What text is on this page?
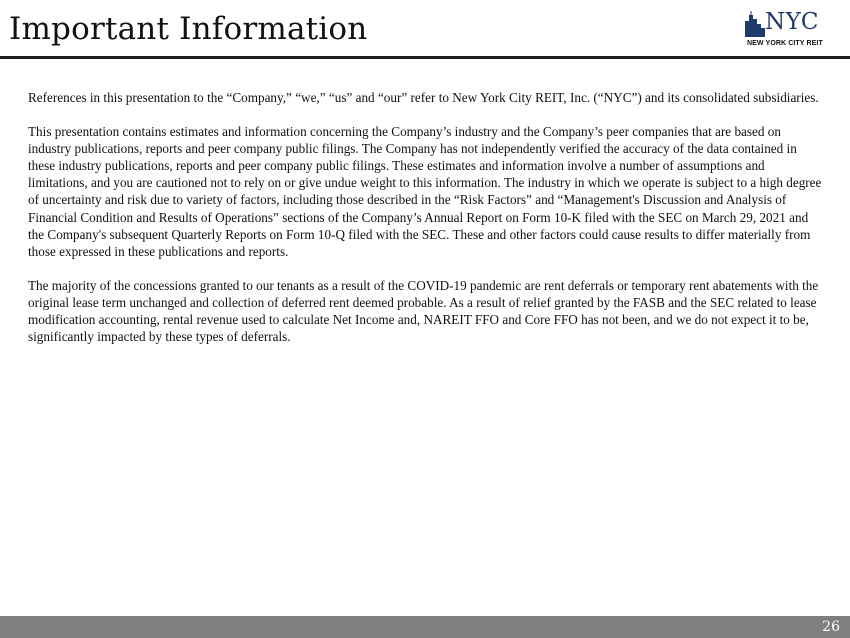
Important Information	NYC
NEW YORK CITY REIT

References in this presentation to the “Company,” “we,” “us” and “our” refer to New York City REIT, Inc. (“NYC”) and its consolidated subsidiaries.

This presentation contains estimates and information concerning the Company’s industry and the Company’s peer companies that are based on industry publications, reports and peer company public filings. The Company has not independently verified the accuracy of the data contained in these industry publications, reports and peer company public filings. These estimates and information involve a number of assumptions and limitations, and you are cautioned not to rely on or give undue weight to this information. The industry in which we operate is subject to a high degree of uncertainty and risk due to variety of factors, including those described in the “Risk Factors” and “Management's Discussion and Analysis of Financial Condition and Results of Operations” sections of the Company’s Annual Report on Form 10-K filed with the SEC on March 29, 2021 and the Company's subsequent Quarterly Reports on Form 10-Q filed with the SEC. These and other factors could cause results to differ materially from those expressed in these publications and reports.

The majority of the concessions granted to our tenants as a result of the COVID-19 pandemic are rent deferrals or temporary rent abatements with the original lease term unchanged and collection of deferred rent deemed probable. As a result of relief granted by the FASB and the SEC related to lease modification accounting, rental revenue used to calculate Net Income and, NAREIT FFO and Core FFO has not been, and we do not expect it to be, significantly impacted by these types of deferrals.

26
